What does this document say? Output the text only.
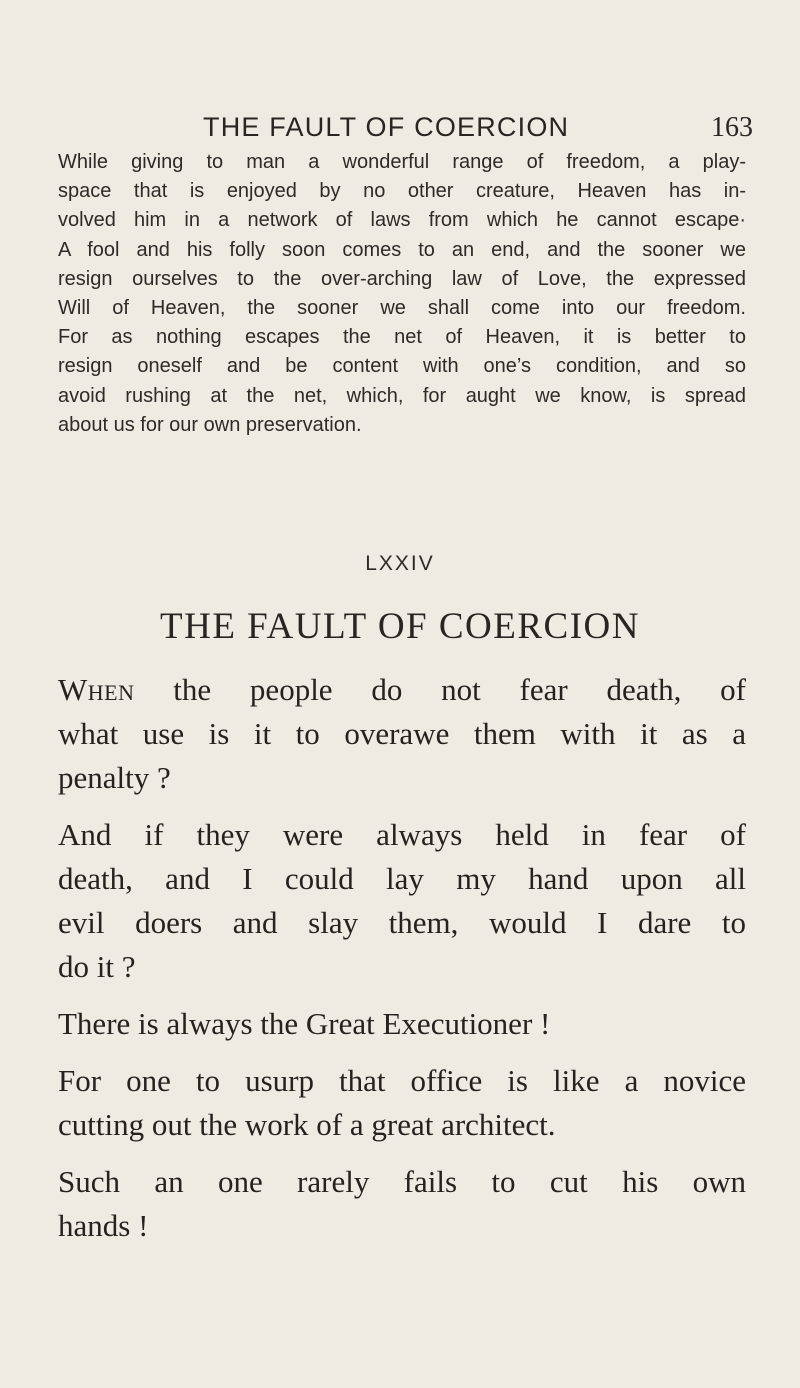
THE FAULT OF COERCION	163
While giving to man a wonderful range of freedom, a play-
space that is enjoyed by no other creature, Heaven has in-
volved him in a network of laws from which he cannot escape·
A fool and his folly soon comes to an end, and the sooner we
resign ourselves to the over-arching law of Love, the expressed
Will of Heaven, the sooner we shall come into our freedom.
For as nothing escapes the net of Heaven, it is better to
resign oneself and be content with one’s condition, and so
avoid rushing at the net, which, for aught we know, is spread
about us for our own preservation.
LXXIV
THE FAULT OF COERCION

When the people do not fear death, of
what use is it to overawe them with it as a
penalty ?

And if they were always held in fear of
death, and I could lay my hand upon all
evil doers and slay them, would I dare to
do it ?

There is always the Great Executioner !

For one to usurp that office is like a novice
cutting out the work of a great architect.

Such an one rarely fails to cut his own
hands !
